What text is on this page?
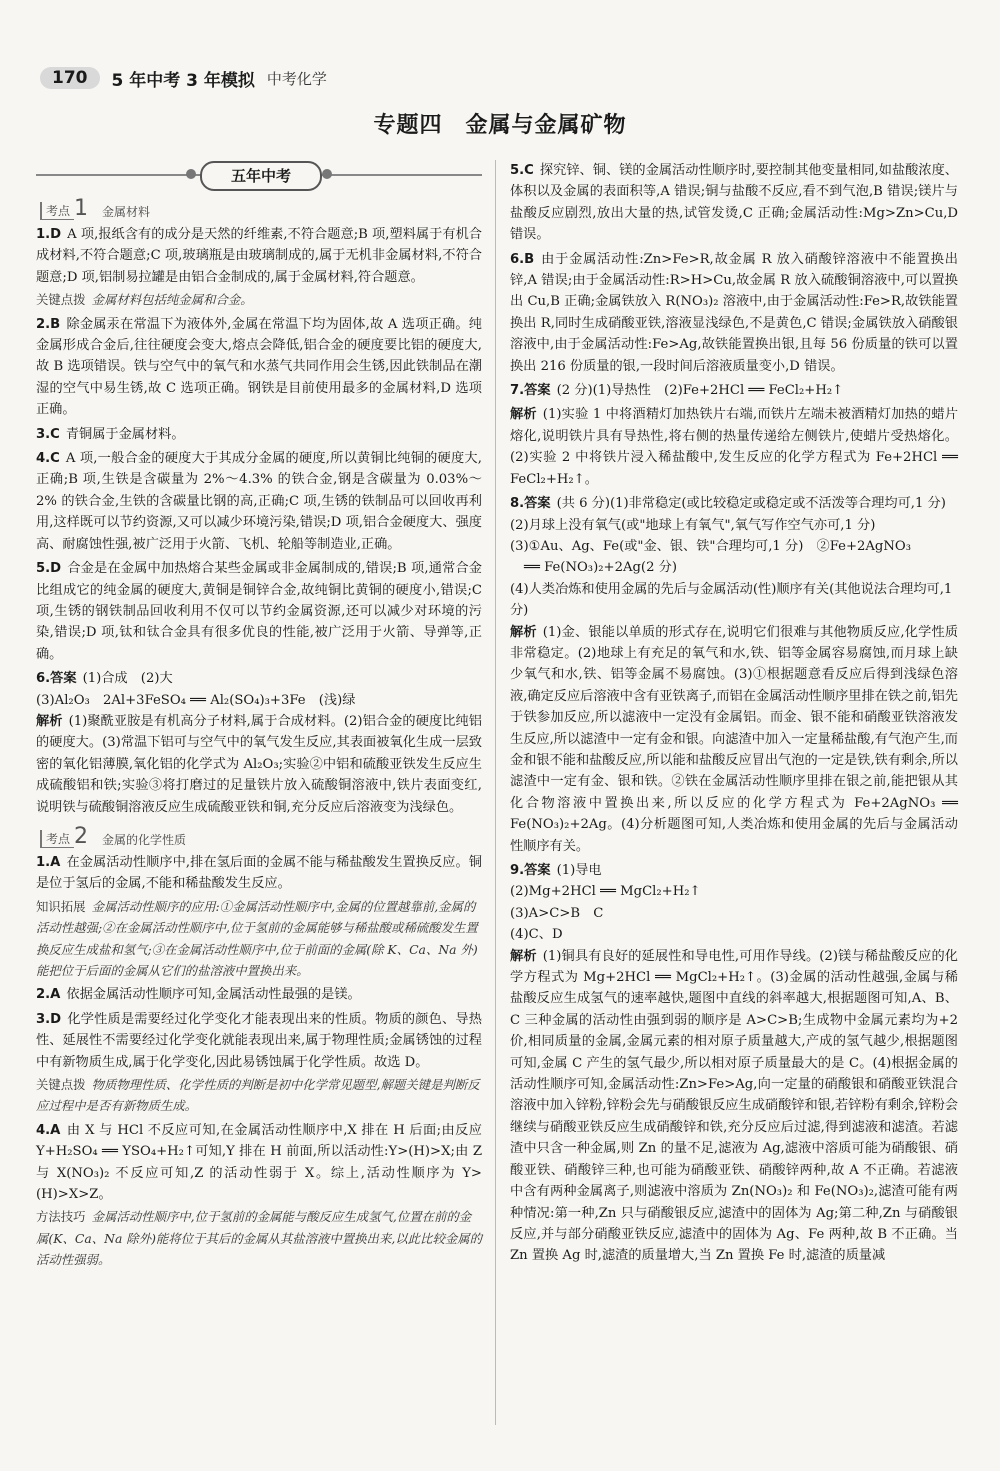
170	5 年中考 3 年模拟 中考化学
专题四　金属与金属矿物
五年中考
考点 1 金属材料

1.D A 项,报纸含有的成分是天然的纤维素,不符合题意;B 项,塑料属于有机合成材料,不符合题意;C 项,玻璃瓶是由玻璃制成的,属于无机非金属材料,不符合题意;D 项,铝制易拉罐是由铝合金制成的,属于金属材料,符合题意。

关键点拨 金属材料包括纯金属和合金。

2.B 除金属汞在常温下为液体外,金属在常温下均为固体,故 A 选项正确。纯金属形成合金后,往往硬度会变大,熔点会降低,铝合金的硬度要比铝的硬度大,故 B 选项错误。铁与空气中的氧气和水蒸气共同作用会生锈,因此铁制品在潮湿的空气中易生锈,故 C 选项正确。钢铁是目前使用最多的金属材料,D 选项正确。

3.C 青铜属于金属材料。

4.C A 项,一般合金的硬度大于其成分金属的硬度,所以黄铜比纯铜的硬度大,正确;B 项,生铁是含碳量为 2%～4.3% 的铁合金,钢是含碳量为 0.03%～2% 的铁合金,生铁的含碳量比钢的高,正确;C 项,生锈的铁制品可以回收再利用,这样既可以节约资源,又可以减少环境污染,错误;D 项,铝合金硬度大、强度高、耐腐蚀性强,被广泛用于火箭、飞机、轮船等制造业,正确。

5.D 合金是在金属中加热熔合某些金属或非金属制成的,错误;B 项,通常合金比组成它的纯金属的硬度大,黄铜是铜锌合金,故纯铜比黄铜的硬度小,错误;C 项,生锈的钢铁制品回收利用不仅可以节约金属资源,还可以减少对环境的污染,错误;D 项,钛和钛合金具有很多优良的性能,被广泛用于火箭、导弹等,正确。

6.答案 (1)合成　(2)大

(3)Al₂O₃　2Al+3FeSO₄ ══ Al₂(SO₄)₃+3Fe　(浅)绿

解析 (1)聚酰亚胺是有机高分子材料,属于合成材料。(2)铝合金的硬度比纯铝的硬度大。(3)常温下铝可与空气中的氧气发生反应,其表面被氧化生成一层致密的氧化铝薄膜,氧化铝的化学式为 Al₂O₃;实验②中铝和硫酸亚铁发生反应生成硫酸铝和铁;实验③将打磨过的足量铁片放入硫酸铜溶液中,铁片表面变红,说明铁与硫酸铜溶液反应生成硫酸亚铁和铜,充分反应后溶液变为浅绿色。

考点 2 金属的化学性质

1.A 在金属活动性顺序中,排在氢后面的金属不能与稀盐酸发生置换反应。铜是位于氢后的金属,不能和稀盐酸发生反应。

知识拓展 金属活动性顺序的应用:①金属活动性顺序中,金属的位置越靠前,金属的活动性越强;②在金属活动性顺序中,位于氢前的金属能够与稀盐酸或稀硫酸发生置换反应生成盐和氢气;③在金属活动性顺序中,位于前面的金属(除 K、Ca、Na 外)能把位于后面的金属从它们的盐溶液中置换出来。

2.A 依据金属活动性顺序可知,金属活动性最强的是镁。

3.D 化学性质是需要经过化学变化才能表现出来的性质。物质的颜色、导热性、延展性不需要经过化学变化就能表现出来,属于物理性质;金属锈蚀的过程中有新物质生成,属于化学变化,因此易锈蚀属于化学性质。故选 D。

关键点拨 物质物理性质、化学性质的判断是初中化学常见题型,解题关键是判断反应过程中是否有新物质生成。

4.A 由 X 与 HCl 不反应可知,在金属活动性顺序中,X 排在 H 后面;由反应 Y+H₂SO₄ ══ YSO₄+H₂↑可知,Y 排在 H 前面,所以活动性:Y>(H)>X;由 Z 与 X(NO₃)₂ 不反应可知,Z 的活动性弱于 X。综上,活动性顺序为 Y>(H)>X>Z。

方法技巧 金属活动性顺序中,位于氢前的金属能与酸反应生成氢气,位置在前的金属(K、Ca、Na 除外)能将位于其后的金属从其盐溶液中置换出来,以此比较金属的活动性强弱。

5.C 探究锌、铜、镁的金属活动性顺序时,要控制其他变量相同,如盐酸浓度、体积以及金属的表面积等,A 错误;铜与盐酸不反应,看不到气泡,B 错误;镁片与盐酸反应剧烈,放出大量的热,试管发烫,C 正确;金属活动性:Mg>Zn>Cu,D 错误。

6.B 由于金属活动性:Zn>Fe>R,故金属 R 放入硝酸锌溶液中不能置换出锌,A 错误;由于金属活动性:R>H>Cu,故金属 R 放入硫酸铜溶液中,可以置换出 Cu,B 正确;金属铁放入 R(NO₃)₂ 溶液中,由于金属活动性:Fe>R,故铁能置换出 R,同时生成硝酸亚铁,溶液显浅绿色,不是黄色,C 错误;金属铁放入硝酸银溶液中,由于金属活动性:Fe>Ag,故铁能置换出银,且每 56 份质量的铁可以置换出 216 份质量的银,一段时间后溶液质量变小,D 错误。

7.答案 (2 分)(1)导热性　(2)Fe+2HCl ══ FeCl₂+H₂↑

解析 (1)实验 1 中将酒精灯加热铁片右端,而铁片左端未被酒精灯加热的蜡片熔化,说明铁片具有导热性,将右侧的热量传递给左侧铁片,使蜡片受热熔化。(2)实验 2 中将铁片浸入稀盐酸中,发生反应的化学方程式为 Fe+2HCl ══ FeCl₂+H₂↑。

8.答案 (共 6 分)(1)非常稳定(或比较稳定或稳定或不活泼等合理均可,1 分)

(2)月球上没有氧气(或"地球上有氧气",氧气写作空气亦可,1 分)

(3)①Au、Ag、Fe(或"金、银、铁"合理均可,1 分)　②Fe+2AgNO₃

══ Fe(NO₃)₂+2Ag(2 分)

(4)人类冶炼和使用金属的先后与金属活动(性)顺序有关(其他说法合理均可,1 分)

解析 (1)金、银能以单质的形式存在,说明它们很难与其他物质反应,化学性质非常稳定。(2)地球上有充足的氧气和水,铁、铝等金属容易腐蚀,而月球上缺少氧气和水,铁、铝等金属不易腐蚀。(3)①根据题意看反应后得到浅绿色溶液,确定反应后溶液中含有亚铁离子,而铝在金属活动性顺序里排在铁之前,铝先于铁参加反应,所以滤液中一定没有金属铝。而金、银不能和硝酸亚铁溶液发生反应,所以滤渣中一定有金和银。向滤渣中加入一定量稀盐酸,有气泡产生,而金和银不能和盐酸反应,所以能和盐酸反应冒出气泡的一定是铁,铁有剩余,所以滤渣中一定有金、银和铁。②铁在金属活动性顺序里排在银之前,能把银从其化合物溶液中置换出来,所以反应的化学方程式为 Fe+2AgNO₃ ══ Fe(NO₃)₂+2Ag。(4)分析题图可知,人类冶炼和使用金属的先后与金属活动性顺序有关。

9.答案 (1)导电

(2)Mg+2HCl ══ MgCl₂+H₂↑

(3)A>C>B　C

(4)C、D

解析 (1)铜具有良好的延展性和导电性,可用作导线。(2)镁与稀盐酸反应的化学方程式为 Mg+2HCl ══ MgCl₂+H₂↑。(3)金属的活动性越强,金属与稀盐酸反应生成氢气的速率越快,题图中直线的斜率越大,根据题图可知,A、B、C 三种金属的活动性由强到弱的顺序是 A>C>B;生成物中金属元素均为+2 价,相同质量的金属,金属元素的相对原子质量越大,产成的氢气越少,根据题图可知,金属 C 产生的氢气最少,所以相对原子质量最大的是 C。(4)根据金属的活动性顺序可知,金属活动性:Zn>Fe>Ag,向一定量的硝酸银和硝酸亚铁混合溶液中加入锌粉,锌粉会先与硝酸银反应生成硝酸锌和银,若锌粉有剩余,锌粉会继续与硝酸亚铁反应生成硝酸锌和铁,充分反应后过滤,得到滤液和滤渣。若滤渣中只含一种金属,则 Zn 的量不足,滤液为 Ag,滤液中溶质可能为硝酸银、硝酸亚铁、硝酸锌三种,也可能为硝酸亚铁、硝酸锌两种,故 A 不正确。若滤液中含有两种金属离子,则滤液中溶质为 Zn(NO₃)₂ 和 Fe(NO₃)₂,滤渣可能有两种情况:第一种,Zn 只与硝酸银反应,滤渣中的固体为 Ag;第二种,Zn 与硝酸银反应,并与部分硝酸亚铁反应,滤渣中的固体为 Ag、Fe 两种,故 B 不正确。当 Zn 置换 Ag 时,滤渣的质量增大,当 Zn 置换 Fe 时,滤渣的质量减
